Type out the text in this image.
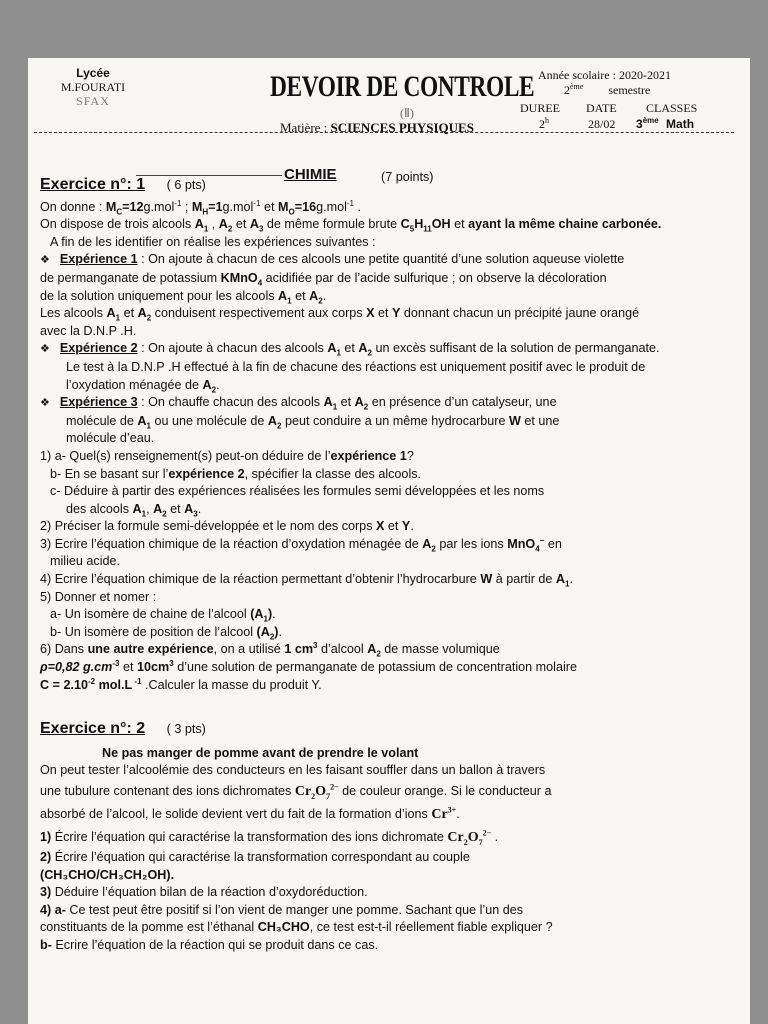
Lycée
M.FOURATI
SFAX	DEVOIR DE CONTROLE
(Ⅱ)
Matière : SCIENCES PHYSIQUES
Année scolaire : 2020-2021
2ème semestre
DUREE DATE CLASSES
2$^h$	28/02 3ème Math
CHIMIE	(7 points)

Exercice n°: 1 ( 6 pts)

On donne : $M_C=12g.mol^{-1}$ ; $M_H=1g.mol^{-1}$ et $M_O=16g.mol^{-1}$ .

On dispose de trois alcools $A_1$ , $A_2$ et $A_3$ de même formule brute $C_5H_{11}OH$ et ayant la même chaine carbonée.

A fin de les identifier on réalise les expériences suivantes :

❖ Expérience 1 : On ajoute à chacun de ces alcools une petite quantité d’une solution aqueuse violette

de permanganate de potassium KMnO$_4$ acidifiée par de l’acide sulfurique ; on observe la décoloration

de la solution uniquement pour les alcools $A_1$ et $A_2$.

Les alcools $A_1$ et $A_2$ conduisent respectivement aux corps X et Y donnant chacun un précipité jaune orangé

avec la D.N.P .H.

❖ Expérience 2 : On ajoute à chacun des alcools $A_1$ et $A_2$ un excès suffisant de la solution de permanganate.

Le test à la D.N.P .H effectué à la fin de chacune des réactions est uniquement positif avec le produit de

l’oxydation ménagée de $A_2$.

❖ Expérience 3 : On chauffe chacun des alcools $A_1$ et $A_2$ en présence d’un catalyseur, une

molécule de $A_1$ ou une molécule de $A_2$ peut conduire a un même hydrocarbure W et une

molécule d’eau.

1) a- Quel(s) renseignement(s) peut-on déduire de l’expérience 1?

b- En se basant sur l’expérience 2, spécifier la classe des alcools.

c- Déduire à partir des expériences réalisées les formules semi développées et les noms

des alcools $A_1$, $A_2$ et $A_3$.

2) Préciser la formule semi-développée et le nom des corps X et Y.

3) Ecrire l’équation chimique de la réaction d’oxydation ménagée de $A_2$ par les ions MnO$_4$− en

milieu acide.

4) Ecrire l’équation chimique de la réaction permettant d’obtenir l’hydrocarbure W à partir de $A_1$.

5) Donner et nomer :

a- Un isomère de chaine de l’alcool $(A_1)$.

b- Un isomère de position de l’alcool $(A_2)$.

6) Dans une autre expérience, on a utilisé 1 $cm^3$ d’alcool $A_2$ de masse volumique

ρ=0,82 $g.cm^{-3}$ et $10cm^3$ d’une solution de permanganate de potassium de concentration molaire

$C = 2.10^{-2}$ mol.L $^{-1}$ .Calculer la masse du produit Y.

Exercice n°: 2 ( 3 pts)

Ne pas manger de pomme avant de prendre le volant

On peut tester l’alcoolémie des conducteurs en les faisant souffler dans un ballon à travers

une tubulure contenant des ions dichromates $Cr_2O_7^{2-}$ de couleur orange. Si le conducteur a

absorbé de l’alcool, le solide devient vert du fait de la formation d’ions $Cr^{3+}$.

1) Écrire l’équation qui caractérise la transformation des ions dichromate $Cr_2O_7^{2-}$ .

2) Écrire l’équation qui caractérise la transformation correspondant au couple

(CH₃CHO/CH₃CH₂OH).

3) Déduire l’équation bilan de la réaction d’oxydoréduction.

4) a- Ce test peut être positif si l’on vient de manger une pomme. Sachant que l’un des

constituants de la pomme est l’éthanal CH₃CHO, ce test est-t-il réellement fiable expliquer ?

b- Ecrire l’équation de la réaction qui se produit dans ce cas.
